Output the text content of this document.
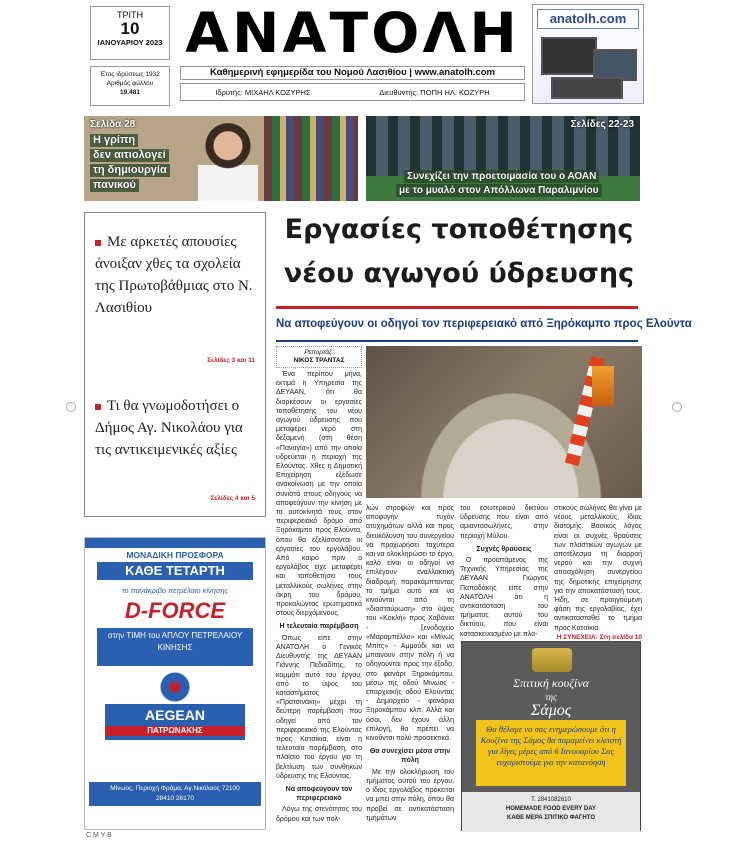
ΤΡΙΤΗ
10
ΙΑΝΟΥΑΡΙΟΥ 2023
Έτος ιδρύσεως 1932
Αριθμός φύλλου
19.481
ΑΝΑΤΟΛΗ
Καθημερινή εφημερίδα του Νομού Λασιθίου | www.anatolh.com
Ιδρυτής: ΜΙΧΑΗΛ ΚΟΖΥΡΗΣ	Διευθυντής: ΠΟΠΗ ΗΛ. ΚΟΖΥΡΗ
anatolh.com
Σελίδα 28
Η γρίπη
δεν αιτιολογεί
τη δημιουργία
πανικού
Σελίδες 22-23
Συνεχίζει την προετοιμασία του ο ΑΟΑΝ
με το μυαλό στον Απόλλωνα Παραλιμνίου
Με αρκετές απουσίες άνοιξαν χθες τα σχολεία της Πρωτοβάθμιας στο Ν. Λασιθίου
Σελίδες 3 και 11
Τι θα γνωμοδοτήσει ο Δήμος Αγ. Νικολάου για τις αντικειμενικές αξίες
Σελίδες 4 και 5
Εργασίες τοποθέτησης
νέου αγωγού ύδρευσης
Να αποφεύγουν οι οδηγοί τον περιφερειακό από Ξηρόκαμπο προς Ελούντα
Ρεπορτάζ:
ΝΙΚΟΣ ΤΡΑΝΤΑΣ

Ένα περίπου μήνα, εκτιμά η Υπηρεσία της ΔΕΥΑΑΝ, ότι θα διαρκέσουν οι εργασίες τοποθέτησης του νέου αγωγού ύδρευσης που μεταφέρει νερό στη δεξαμενή (στη θέση «Παναγία») από την οποία υδρεύεται η περιοχή της Ελούντας. Χθες η Δημοτική Επιχείρηση εξέδωσε ανακοίνωση με την οποία συνιστά στους οδηγούς να αποφεύγουν την κίνηση με τα αυτοκίνητά τους στον περιφερειακό δρόμο από Ξηρόκαμπο προς Ελούντα, όπου θα εξελίσσονται οι εργασίες του εργολάβου. Από καιρό πριν ο εργολάβος είχε μεταφέρει και τοποθετήσει τους μεταλλικούς σωλήνες στην άκρη του δρόμου, προκαλώντας ερωτηματικά στους διερχόμενους.

Η τελευταία παρέμβαση

Όπως είπε στην ΑΝΑΤΟΛΗ ο Γενικός Διευθυντής της ΔΕΥΑΑΝ Γιάννης Πεδιαδίτης, το κομμάτι αυτό του έργου, από το ύψος του καταστήματος «Πρατσινάκη» μέχρι τη δεύτερη παρέμβαση που οδηγεί από τον περιφερειακό της Ελούντας προς Κατσίκια, είναι η τελευταία παρέμβαση, στο πλαίσιο του έργου για τη βελτίωση των συνθηκών ύδρευσης της Ελούντας.

Να αποφεύγουν τον περιφερειακό

Λόγω της στενότητος του δρόμου και των πολ-

λών στροφών και προς αποφυγήν τυχόν ατυχημάτων αλλά και προς διευκόλυνση του συνεργείου να προχωρήσει ταχύτερα και να ολοκληρώσει το έργο, καλό είναι οι οδηγοί να επιλέγουν εναλλακτική διαδρομή, παρακάμπτοντας το τμήμα αυτό και να κινούνται από τη «διασταύρωση» στο ύψος του «Κοκλή» προς Χαβάνια - ξενοδοχείο «Μαραμπέλλο» και «Μίνως Μπίτς» - Αμμούδι και να μπαίνουν στην πόλη ή να οδηγούνται προς την έξοδο, στο φανάρι Ξηροκάμπου, μέσω της οδού Μίνωος - επαρχιακής οδού Ελούντας - Δημαρχείο - φανάρια Ξηροκάμπου κλπ. Αλλά και όσοι, δεν έχουν άλλη επιλογή, θα πρέπει να κινούνται πολύ προσεκτικά.

Θα συνεχίσει μέσα στην πόλη

Με την ολοκλήρωση του τμήματος αυτού του έργου, ο ίδιος εργολάβος πρόκειται να μπει στην πόλη, όπου θα προβεί σε αντικατάσταση τμημάτων

του εσωτερικού δικτύου ύδρευσης που είναι από αμιαντοσωλήνες, στην περιοχή Μύλου.

Συχνές θραύσεις

Ο προϊστάμενος της Τεχνικής Υπηρεσίας της ΔΕΥΑΑΝ Γιώργος Παπαδάκης είπε στην ΑΝΑΤΟΛΗ ότι η αντικατάσταση του τμήματος αυτού του δικτύου, που είναι κατασκευασμένο με πλα-

στικούς σωλήνες θα γίνει με νέους μεταλλικούς, ίδιας διατομής. Βασικός λόγος είναι οι συχνές θραύσεις των πλαστικών αγωγών με αποτέλεσμα τη διαρροή νερού και την συχνή απασχόληση συνεργείου της δημοτικής επιχείρησης για την αποκατάστασή τους. Ήδη, σε προηγούμενη φάση της εργολαβίας, έχει αντικατασταθεί το τμήμα προς Κατσίκια.

Η ΣΥΝΕΧΕΙΑ: Στη σελίδα 10
ΜΟΝΑΔΙΚΗ ΠΡΟΣΦΟΡΑ
ΚΑΘΕ ΤΕΤΑΡΤΗ
το πανάκριβο πετρέλαιο κίνησης
D-FORCE
στην ΤΙΜΗ του ΑΠΛΟΥ ΠΕΤΡΕΛΑΙΟΥ ΚΙΝΗΣΗΣ
AEGEAN
ΠΑΤΡΩΝΑΚΗΣ
Μίνωος, Περιοχή Φράμα, Αγ.Νικόλαος 72100
28410 26170
Σπιτική κουζίνα
της
Σάμος
Θα θέλαμε να σας ενημερώσουμε ότι η Κουζίνα της Σάμος θα παραμείνει κλειστή για λίγες μέρες από 6 Ιανουαρίου Σας ευχαριστούμε για την κατανόηση
Τ. 2841082610
HOMEMADE FOOD EVERY DAY
ΚΑΘΕ ΜΕΡΑ ΣΠΙΤΙΚΟ ΦΑΓΗΤΟ
C M Y B
